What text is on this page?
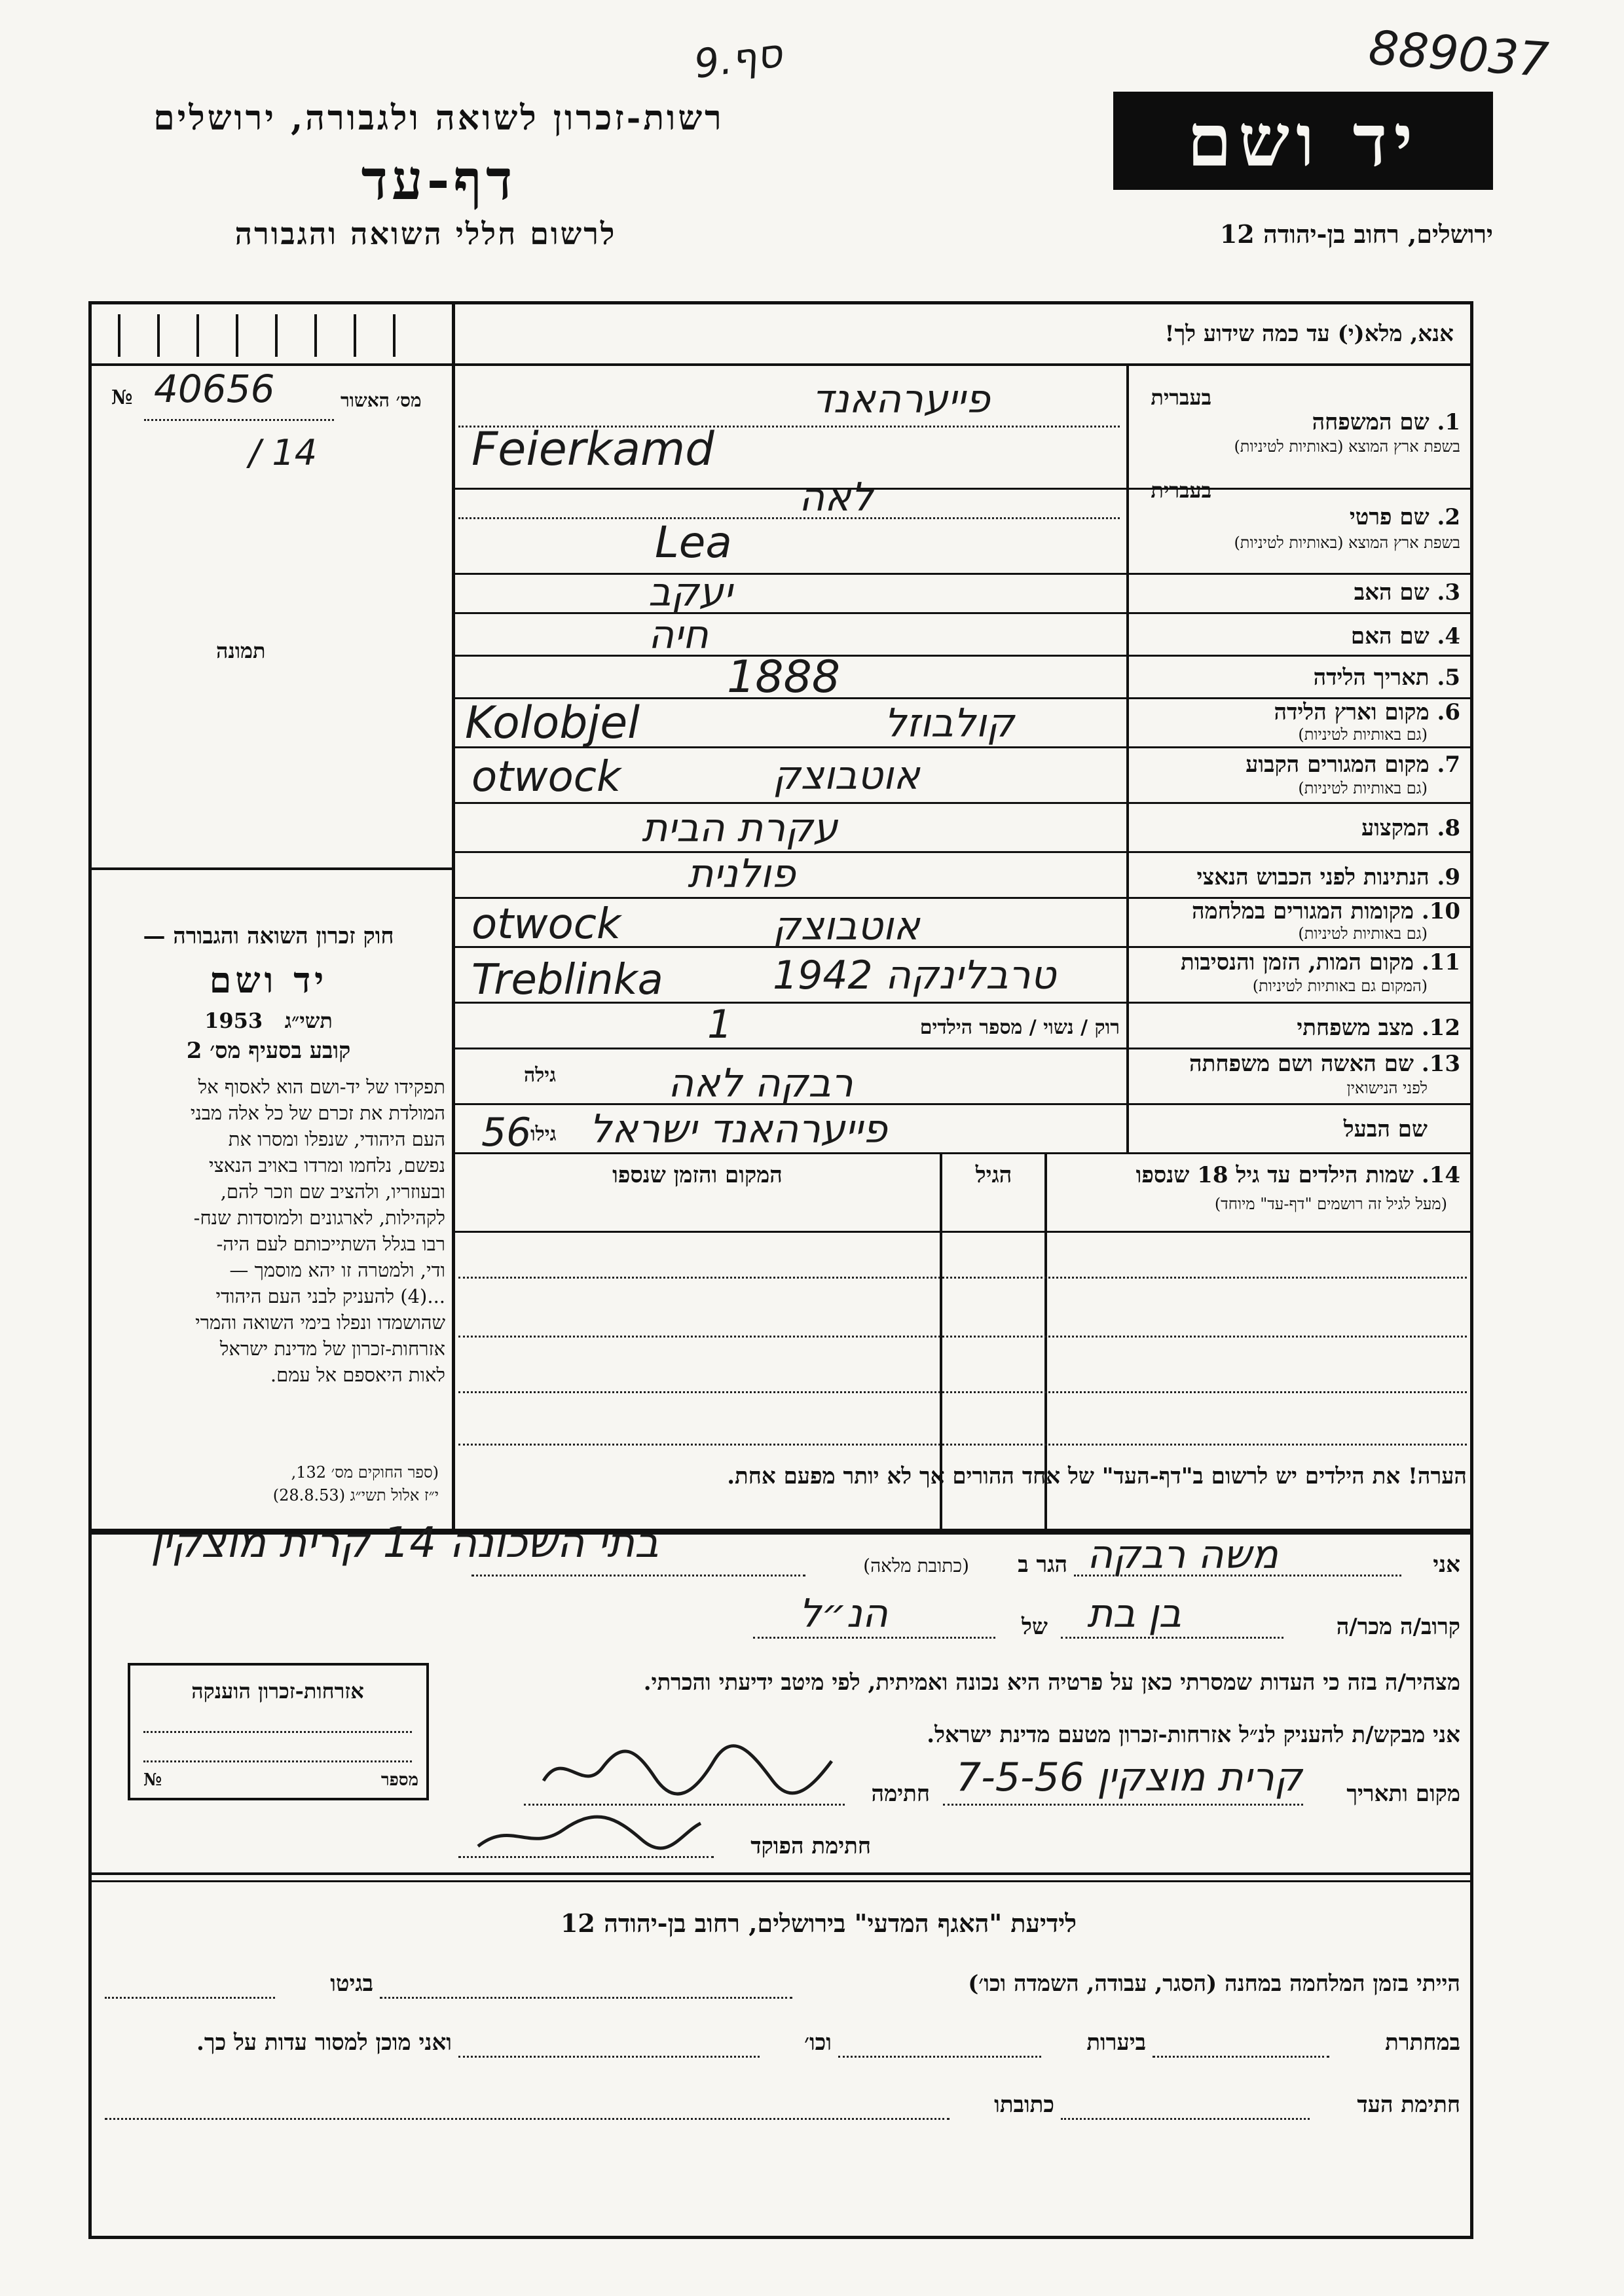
889037
סף.9
רשות-זכרון לשואה ולגבורה, ירושלים
דף-עד
לרשום חללי השואה והגבורה
יד ושם
ירושלים, רחוב בן-יהודה 12
№ 40656	מס׳ האשור
/ 14
תמונה
חוק זכרון השואה והגבורה —
יד ושם
1953 תשי״ג
קובע בסעיף מס׳ 2
תפקידו של יד-ושם הוא לאסוף אל
המולדת את זכרם של כל אלה מבני
העם היהודי, שנפלו ומסרו את
נפשם, נלחמו ומרדו באויב הנאצי
ובעוזריו, ולהציב שם וזכר להם,
לקהילות, לארגונים ולמוסדות שנח-
רבו בגלל השתייכותם לעם היה-
ודי, ולמטרה זו יהא מוסמך —
...(4) להעניק לבני העם היהודי
שהושמדו ונפלו בימי השואה והמרי
אזרחות-זכרון של מדינת ישראל
לאות היאספם אל עמם.
(ספר החוקים מס׳ 132,
י״ז אלול תשי״ג (28.8.53)
אנא, מלא(י) עד כמה שידוע לך!
בעברית
1. שם המשפחה
בשפת ארץ המוצא (באותיות לטיניות)
בעברית
2. שם פרטי
בשפת ארץ המוצא (באותיות לטיניות)
3. שם האב
4. שם האם
5. תאריך הלידה
6. מקום וארץ הלידה
(גם באותיות לטיניות)
7. מקום המגורים הקבוע
(גם באותיות לטיניות)
8. המקצוע
9. הנתינות לפני הכבוש הנאצי
10. מקומות המגורים במלחמה
(גם באותיות לטיניות)
11. מקום המות, הזמן והנסיבות
(המקום גם באותיות לטיניות)
12. מצב משפחתי
רוק / נשוי / מספר הילדים
13. שם האשה ושם משפחתה
לפני הנישואין
גילה
שם הבעל
גילו
פייערהאנד
Feierkamd
לאה
Lea
יעקב
חיה
1888
קולבוזל
Kolobjel
אוטבוצק
otwock
עקרת הבית
פולנית
אוטבוצק
otwock
טרבלינקה 1942
Treblinka
1
רבקה לאה
פייערהאנד ישראל
56
14. שמות הילדים עד גיל 18 שנספו
(מעל לגיל זה רושמים "דף-עד" מיוחד)
הגיל
המקום והזמן שנספו
הערה! את הילדים יש לרשום ב"דף-העד" של אחד ההורים אך לא יותר מפעם אחת.
אני
משה רבקה
הגר ב
(כתובת מלאה)
בתי השכונה 14 קרית מוצקין
קרוב/ה מכר/ה
בן בת
של
הנ״ל
מצהיר/ה בזה כי העדות שמסרתי כאן על פרטיה היא נכונה ואמיתית, לפי מיטב ידיעתי והכרתי.
אני מבקש/ת להעניק לנ״ל אזרחות-זכרון מטעם מדינת ישראל.
מקום ותאריך
קרית מוצקין 7-5-56
חתימה
חתימת הפוקד
אזרחות-זכרון הוענקה
№	מספר
לידיעת "האגף המדעי" בירושלים, רחוב בן-יהודה 12
הייתי בזמן המלחמה במחנה (הסגר, עבודה, השמדה וכו׳)
בגיטו
במחתרת
ביערות
וכו׳
ואני מוכן למסור עדות על כך.
חתימת העד
כתובתו
